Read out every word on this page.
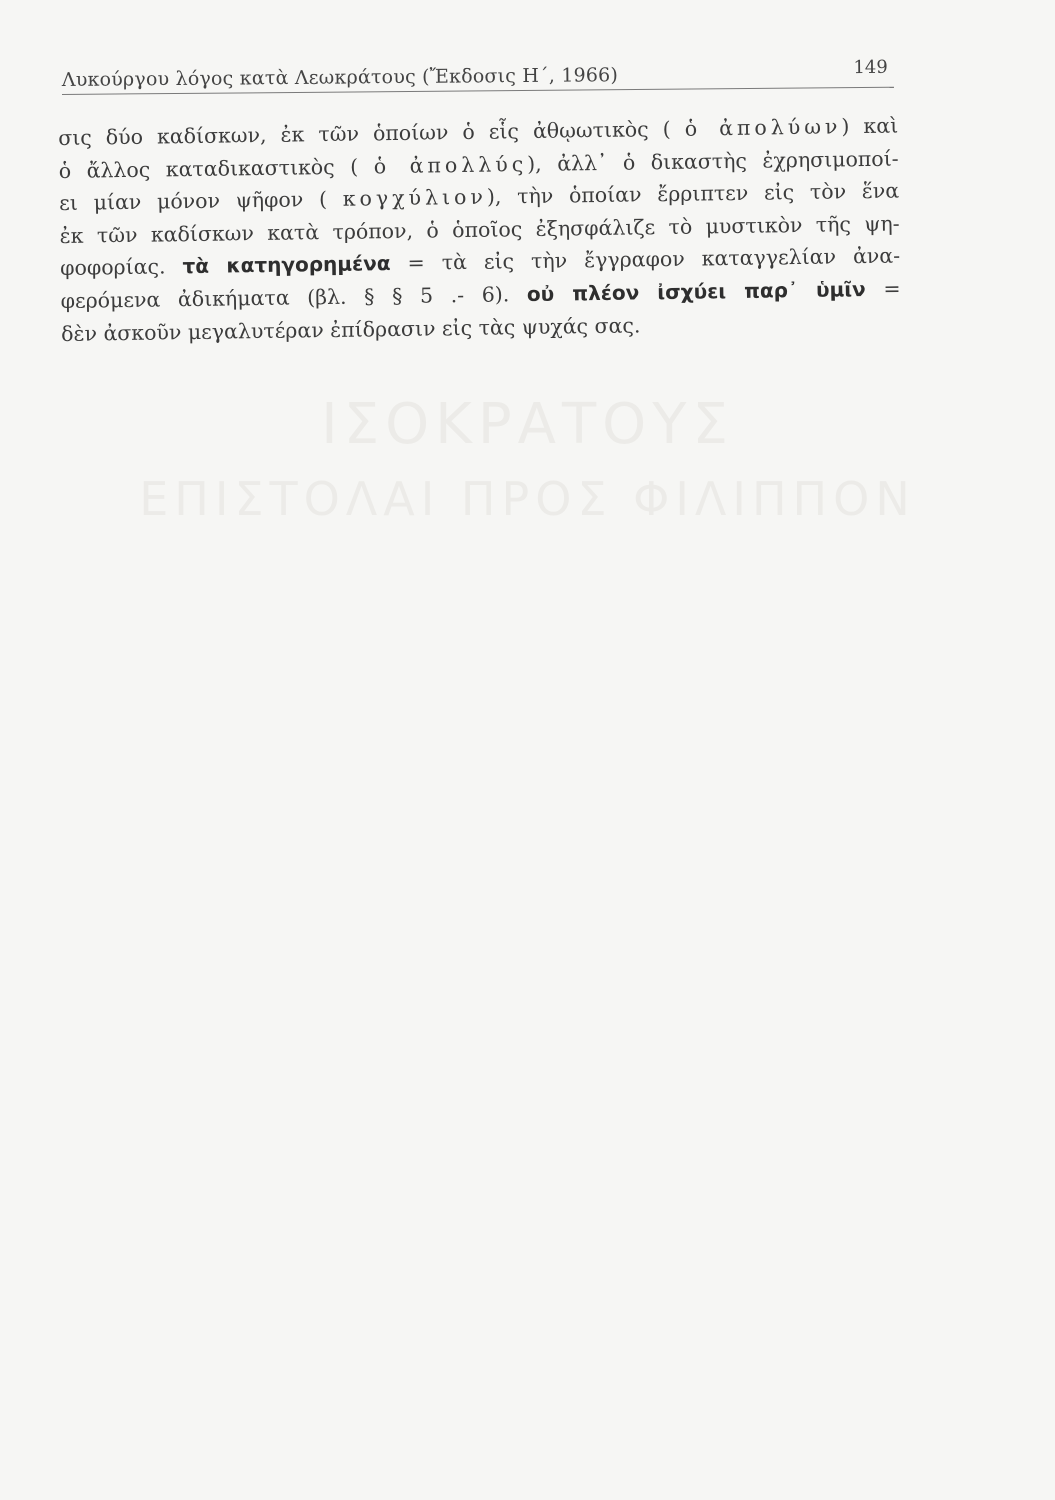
ΙΣΟΚΡΑΤΟΥΣ
ΕΠΙΣΤΟΛΑΙ ΠΡΟΣ ΦΙΛΙΠΠΟΝ
Λυκούργου λόγος κατὰ Λεωκράτους (Ἔκδοσις Η΄, 1966)	149
σις δύο καδίσκων, ἐκ τῶν ὁποίων ὁ εἷς ἀθῳωτικὸς ( ὁ ἀπολύων) καὶ
ὁ ἄλλος καταδικαστικὸς ( ὁ ἀπολλύς), ἀλλ᾽ ὁ δικαστὴς ἐχρησιμοποί-
ει μίαν μόνον ψῆφον ( κογχύλιον), τὴν ὁποίαν ἔρριπτεν εἰς τὸν ἕνα
ἐκ τῶν καδίσκων κατὰ τρόπον, ὁ ὁποῖος ἐξησφάλιζε τὸ μυστικὸν τῆς ψη-
φοφορίας. τὰ κατηγορημένα = τὰ εἰς τὴν ἔγγραφον καταγγελίαν ἀνα-
φερόμενα ἀδικήματα (βλ. § § 5 .- 6). οὐ πλέον ἰσχύει παρ᾽ ὑμῖν =
δὲν ἀσκοῦν μεγαλυτέραν ἐπίδρασιν εἰς τὰς ψυχάς σας.
